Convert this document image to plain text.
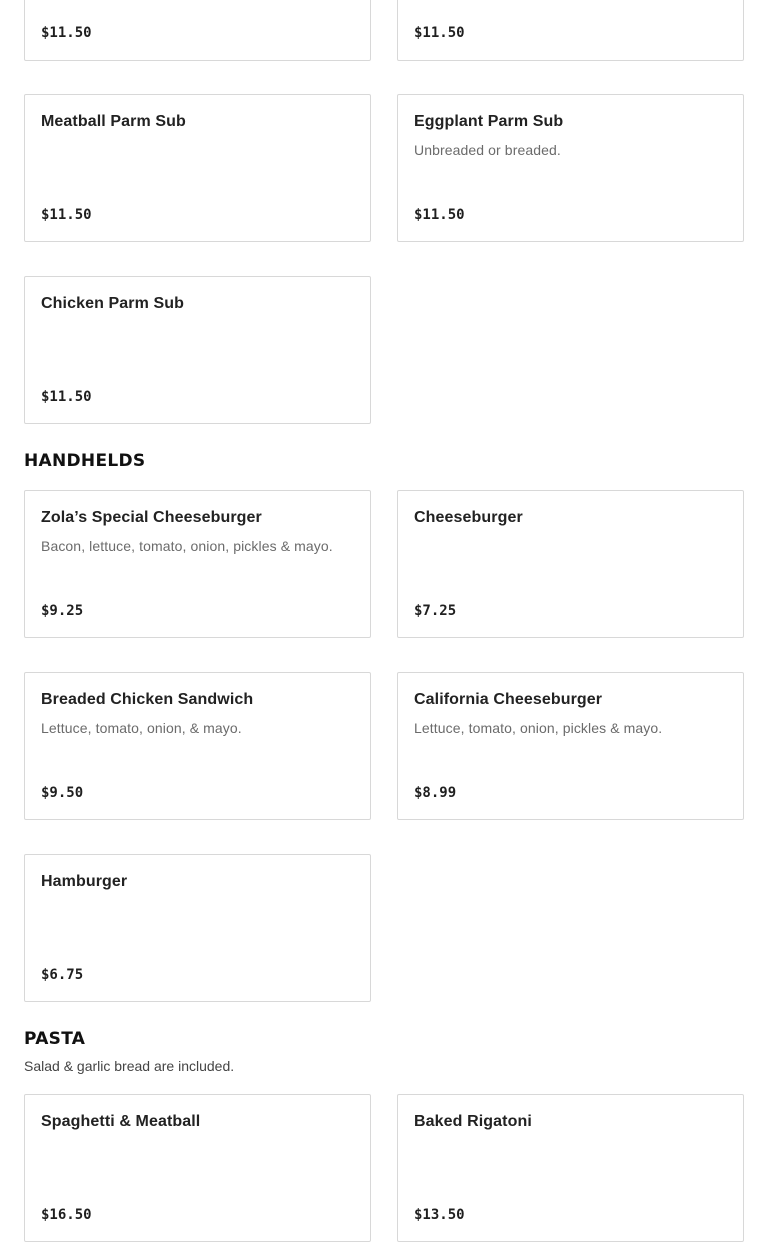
$11.50	$11.50
Meatball Parm Sub
$11.50
Eggplant Parm Sub
Unbreaded or breaded.
$11.50
Chicken Parm Sub
$11.50
HANDHELDS
Zola’s Special Cheeseburger
Bacon, lettuce, tomato, onion, pickles & mayo.
$9.25
Cheeseburger
$7.25
Breaded Chicken Sandwich
Lettuce, tomato, onion, & mayo.
$9.50
California Cheeseburger
Lettuce, tomato, onion, pickles & mayo.
$8.99
Hamburger
$6.75
PASTA
Salad & garlic bread are included.
Spaghetti & Meatball
$16.50
Baked Rigatoni
$13.50
